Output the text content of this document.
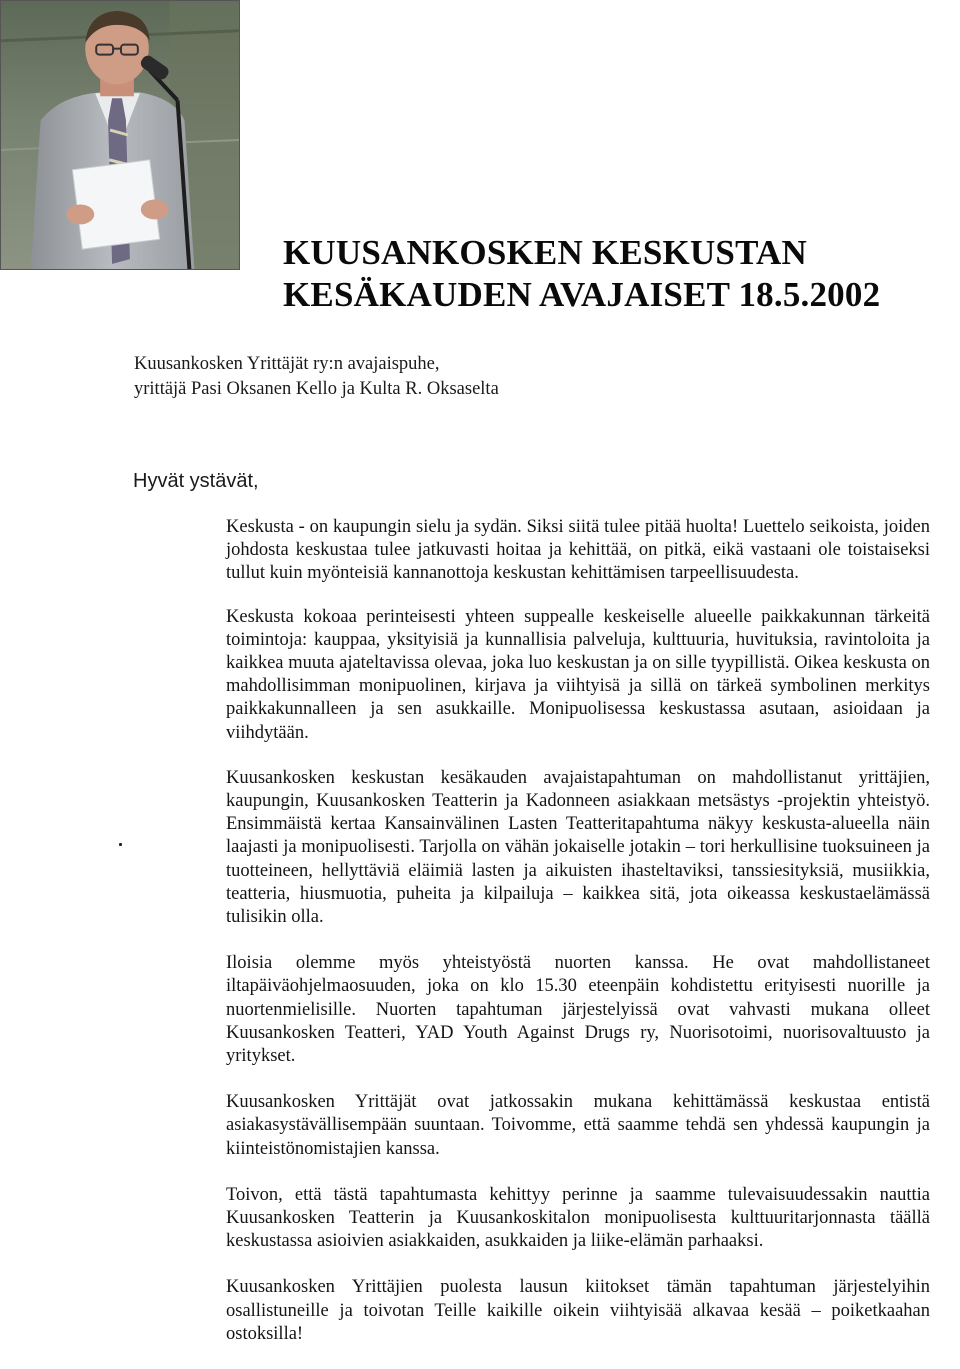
KUUSANKOSKEN KESKUSTAN
KESÄKAUDEN AVAJAISET 18.5.2002
Kuusankosken Yrittäjät ry:n avajaispuhe,
yrittäjä Pasi Oksanen Kello ja Kulta R. Oksaselta
Hyvät ystävät,

Keskusta - on kaupungin sielu ja sydän. Siksi siitä tulee pitää huolta! Luettelo seikoista, joiden johdosta keskustaa tulee jatkuvasti hoitaa ja kehittää, on pitkä, eikä vastaani ole toistaiseksi tullut kuin myönteisiä kannanottoja keskustan kehittämisen tarpeellisuudesta.

Keskusta kokoaa perinteisesti yhteen suppealle keskeiselle alueelle paikkakunnan tärkeitä toimintoja: kauppaa, yksityisiä ja kunnallisia palveluja, kulttuuria, huvituksia, ravintoloita ja kaikkea muuta ajateltavissa olevaa, joka luo keskustan ja on sille tyypillistä. Oikea keskusta on mahdollisimman monipuolinen, kirjava ja viihtyisä ja sillä on tärkeä symbolinen merkitys paikkakunnalleen ja sen asukkaille. Monipuolisessa keskustassa asutaan, asioidaan ja viihdytään.

Kuusankosken keskustan kesäkauden avajaistapahtuman on mahdollistanut yrittäjien, kaupungin, Kuusankosken Teatterin ja Kadonneen asiakkaan metsästys -projektin yhteistyö. Ensimmäistä kertaa Kansainvälinen Lasten Teatteritapahtuma näkyy keskusta-alueella näin laajasti ja monipuolisesti. Tarjolla on vähän jokaiselle jotakin – tori herkullisine tuoksuineen ja tuotteineen, hellyttäviä eläimiä lasten ja aikuisten ihasteltaviksi, tanssiesityksiä, musiikkia, teatteria, hiusmuotia, puheita ja kilpailuja – kaikkea sitä, jota oikeassa keskustaelämässä tulisikin olla.

Iloisia olemme myös yhteistyöstä nuorten kanssa. He ovat mahdollistaneet iltapäiväohjelmaosuuden, joka on klo 15.30 eteenpäin kohdistettu erityisesti nuorille ja nuortenmielisille. Nuorten tapahtuman järjestelyissä ovat vahvasti mukana olleet Kuusankosken Teatteri, YAD Youth Against Drugs ry, Nuorisotoimi, nuorisovaltuusto ja yritykset.

Kuusankosken Yrittäjät ovat jatkossakin mukana kehittämässä keskustaa entistä asiakasystävällisempään suuntaan. Toivomme, että saamme tehdä sen yhdessä kaupungin ja kiinteistönomistajien kanssa.

Toivon, että tästä tapahtumasta kehittyy perinne ja saamme tulevaisuudessakin nauttia Kuusankosken Teatterin ja Kuusankoskitalon monipuolisesta kulttuuritarjonnasta täällä keskustassa asioivien asiakkaiden, asukkaiden ja liike-elämän parhaaksi.

Kuusankosken Yrittäjien puolesta lausun kiitokset tämän tapahtuman järjestelyihin osallistuneille ja toivotan Teille kaikille oikein viihtyisää alkavaa kesää – poiketkaahan ostoksilla!
